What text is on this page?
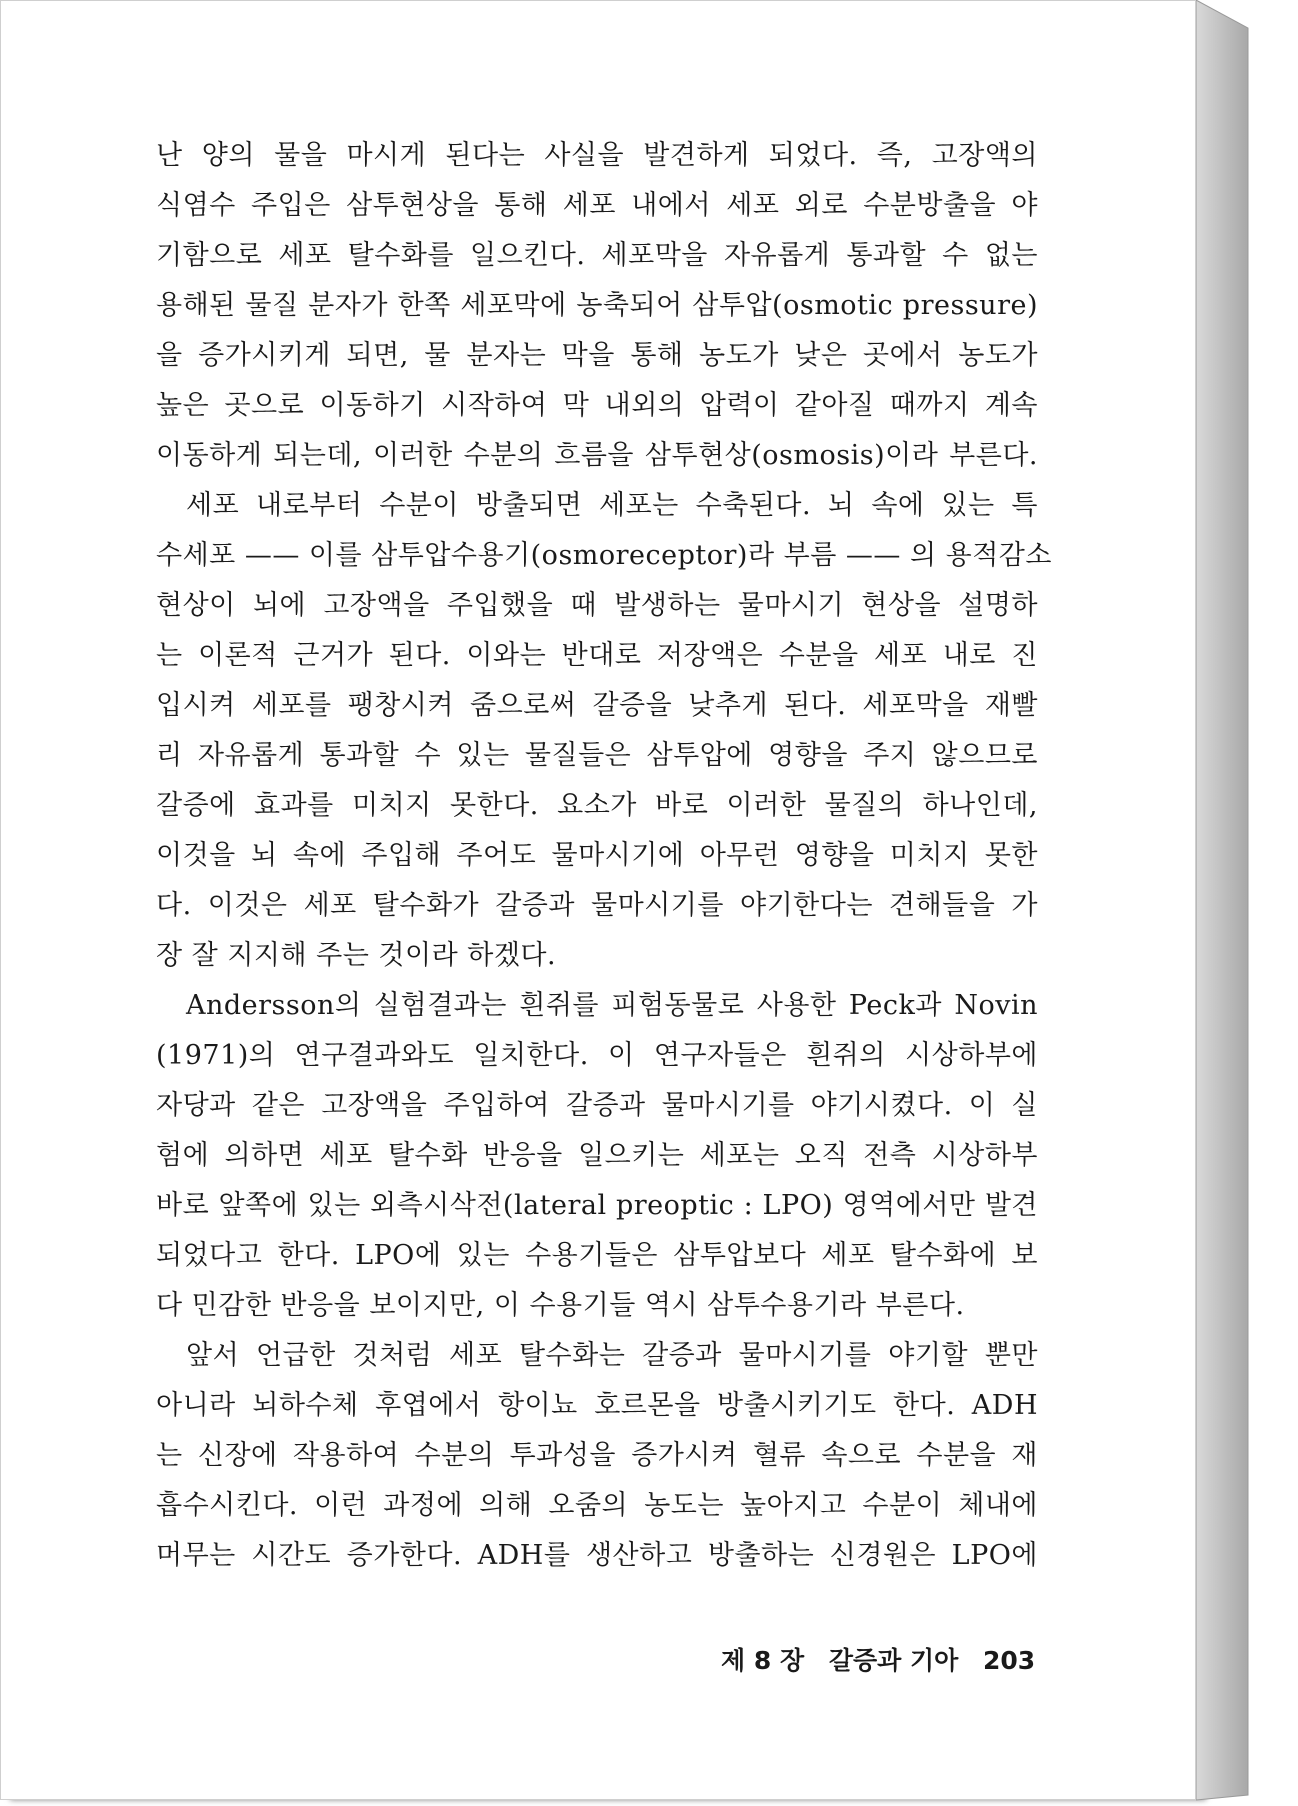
난 양의 물을 마시게 된다는 사실을 발견하게 되었다. 즉, 고장액의
식염수 주입은 삼투현상을 통해 세포 내에서 세포 외로 수분방출을 야
기함으로 세포 탈수화를 일으킨다. 세포막을 자유롭게 통과할 수 없는
용해된 물질 분자가 한쪽 세포막에 농축되어 삼투압(osmotic pressure)
을 증가시키게 되면, 물 분자는 막을 통해 농도가 낮은 곳에서 농도가
높은 곳으로 이동하기 시작하여 막 내외의 압력이 같아질 때까지 계속
이동하게 되는데, 이러한 수분의 흐름을 삼투현상(osmosis)이라 부른다.
세포 내로부터 수분이 방출되면 세포는 수축된다. 뇌 속에 있는 특
수세포 —— 이를 삼투압수용기(osmoreceptor)라 부름 —— 의 용적감소
현상이 뇌에 고장액을 주입했을 때 발생하는 물마시기 현상을 설명하
는 이론적 근거가 된다. 이와는 반대로 저장액은 수분을 세포 내로 진
입시켜 세포를 팽창시켜 줌으로써 갈증을 낮추게 된다. 세포막을 재빨
리 자유롭게 통과할 수 있는 물질들은 삼투압에 영향을 주지 않으므로
갈증에 효과를 미치지 못한다. 요소가 바로 이러한 물질의 하나인데,
이것을 뇌 속에 주입해 주어도 물마시기에 아무런 영향을 미치지 못한
다. 이것은 세포 탈수화가 갈증과 물마시기를 야기한다는 견해들을 가
장 잘 지지해 주는 것이라 하겠다.
Andersson의 실험결과는 흰쥐를 피험동물로 사용한 Peck과 Novin
(1971)의 연구결과와도 일치한다. 이 연구자들은 흰쥐의 시상하부에
자당과 같은 고장액을 주입하여 갈증과 물마시기를 야기시켰다. 이 실
험에 의하면 세포 탈수화 반응을 일으키는 세포는 오직 전측 시상하부
바로 앞쪽에 있는 외측시삭전(lateral preoptic : LPO) 영역에서만 발견
되었다고 한다. LPO에 있는 수용기들은 삼투압보다 세포 탈수화에 보
다 민감한 반응을 보이지만, 이 수용기들 역시 삼투수용기라 부른다.
앞서 언급한 것처럼 세포 탈수화는 갈증과 물마시기를 야기할 뿐만
아니라 뇌하수체 후엽에서 항이뇨 호르몬을 방출시키기도 한다. ADH
는 신장에 작용하여 수분의 투과성을 증가시켜 혈류 속으로 수분을 재
흡수시킨다. 이런 과정에 의해 오줌의 농도는 높아지고 수분이 체내에
머무는 시간도 증가한다. ADH를 생산하고 방출하는 신경원은 LPO에
제 8 장 갈증과 기아 203
